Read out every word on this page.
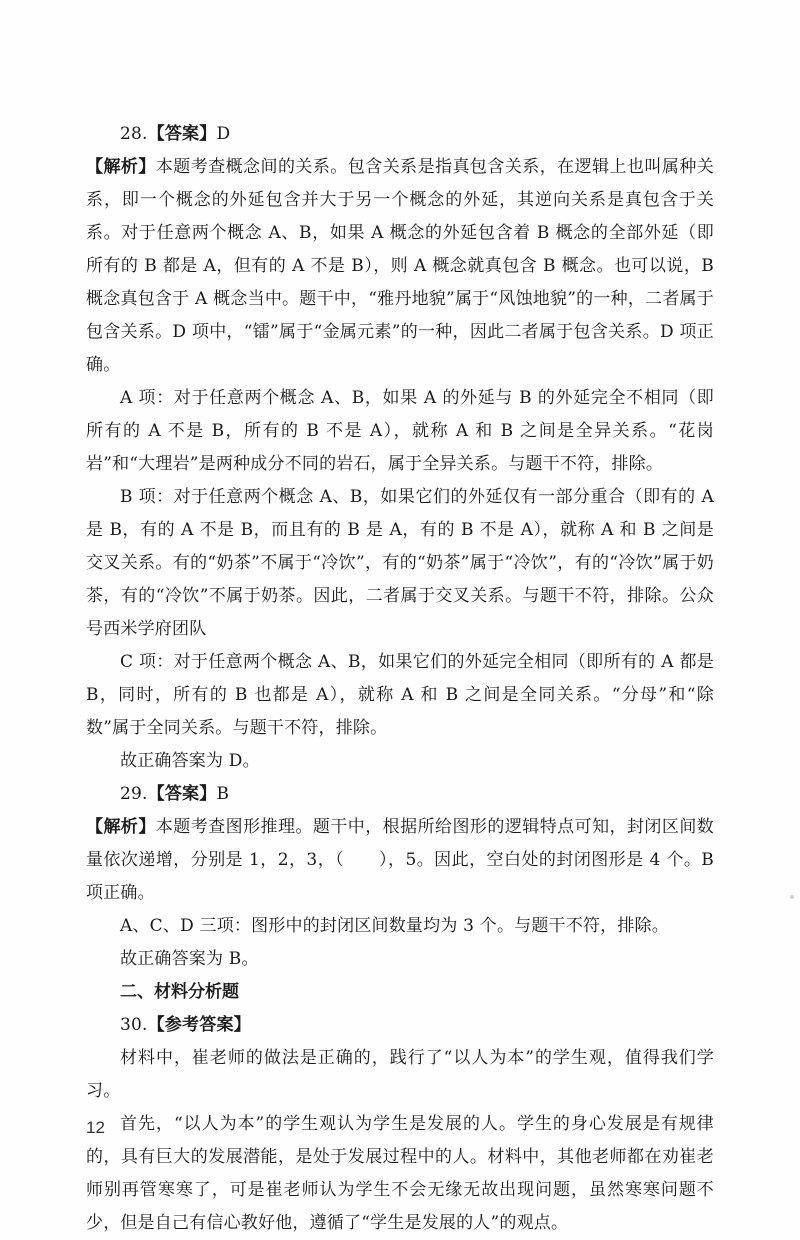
28.【答案】D

【解析】本题考查概念间的关系。包含关系是指真包含关系，在逻辑上也叫属种关系，即一个概念的外延包含并大于另一个概念的外延，其逆向关系是真包含于关系。对于任意两个概念 A、B，如果 A 概念的外延包含着 B 概念的全部外延（即所有的 B 都是 A，但有的 A 不是 B），则 A 概念就真包含 B 概念。也可以说，B 概念真包含于 A 概念当中。题干中，“雅丹地貌”属于“风蚀地貌”的一种，二者属于包含关系。D 项中，“镭”属于“金属元素”的一种，因此二者属于包含关系。D 项正确。

A 项：对于任意两个概念 A、B，如果 A 的外延与 B 的外延完全不相同（即所有的 A 不是 B，所有的 B 不是 A），就称 A 和 B 之间是全异关系。“花岗岩”和“大理岩”是两种成分不同的岩石，属于全异关系。与题干不符，排除。

B 项：对于任意两个概念 A、B，如果它们的外延仅有一部分重合（即有的 A 是 B，有的 A 不是 B，而且有的 B 是 A，有的 B 不是 A），就称 A 和 B 之间是交叉关系。有的“奶茶”不属于“冷饮”，有的“奶茶”属于“冷饮”，有的“冷饮”属于奶茶，有的“冷饮”不属于奶茶。因此，二者属于交叉关系。与题干不符，排除。公众号西米学府团队

C 项：对于任意两个概念 A、B，如果它们的外延完全相同（即所有的 A 都是 B，同时，所有的 B 也都是 A），就称 A 和 B 之间是全同关系。“分母”和“除数”属于全同关系。与题干不符，排除。

故正确答案为 D。

29.【答案】B

【解析】本题考查图形推理。题干中，根据所给图形的逻辑特点可知，封闭区间数量依次递增，分别是 1，2，3，（　　），5。因此，空白处的封闭图形是 4 个。B 项正确。

A、C、D 三项：图形中的封闭区间数量均为 3 个。与题干不符，排除。

故正确答案为 B。

二、材料分析题

30.【参考答案】

材料中，崔老师的做法是正确的，践行了“以人为本”的学生观，值得我们学习。

首先，“以人为本”的学生观认为学生是发展的人。学生的身心发展是有规律的，具有巨大的发展潜能，是处于发展过程中的人。材料中，其他老师都在劝崔老师别再管寒寒了，可是崔老师认为学生不会无缘无故出现问题，虽然寒寒问题不少，但是自己有信心教好他，遵循了“学生是发展的人”的观点。

12
